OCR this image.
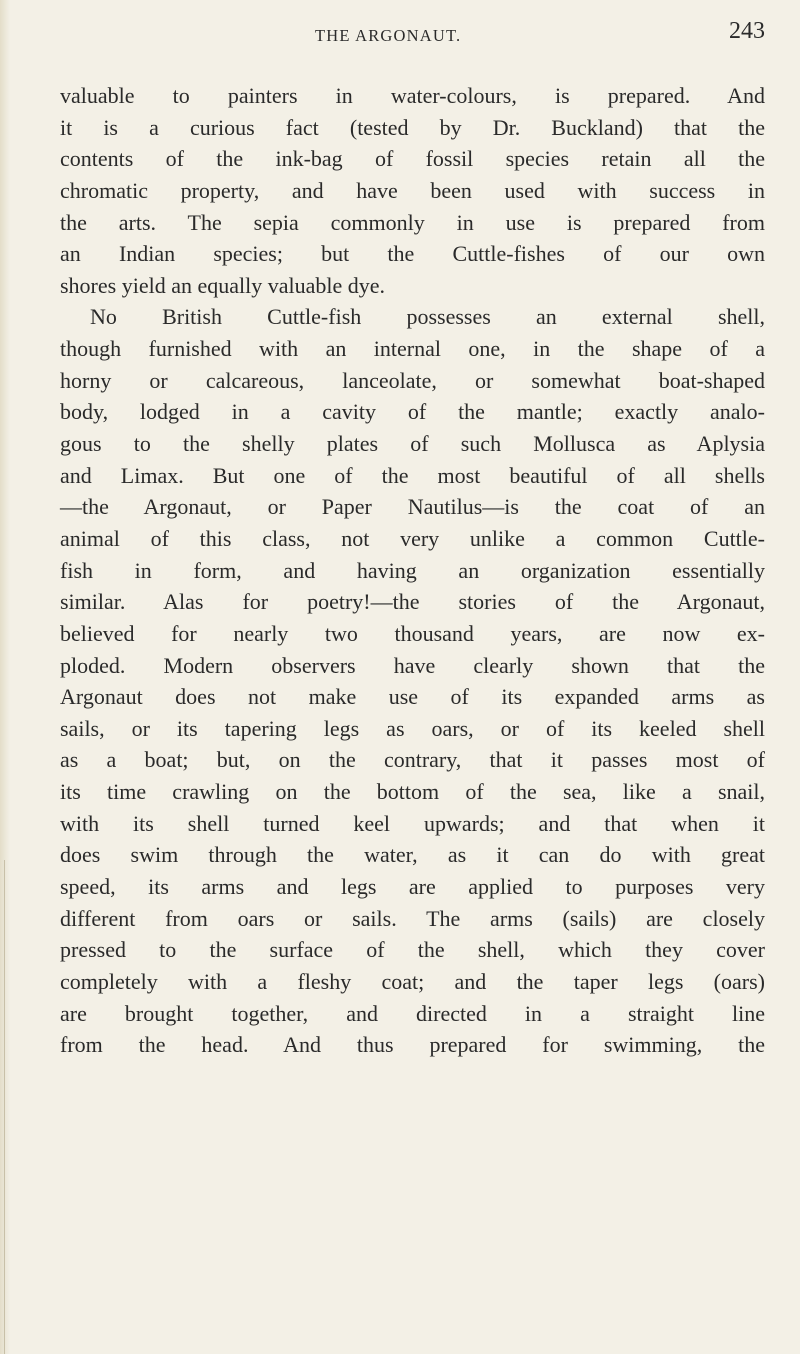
THE ARGONAUT.	243
valuable to painters in water-colours, is prepared. And
it is a curious fact (tested by Dr. Buckland) that the
contents of the ink-bag of fossil species retain all the
chromatic property, and have been used with success in
the arts. The sepia commonly in use is prepared from
an Indian species; but the Cuttle-fishes of our own
shores yield an equally valuable dye.
No British Cuttle-fish possesses an external shell,
though furnished with an internal one, in the shape of a
horny or calcareous, lanceolate, or somewhat boat-shaped
body, lodged in a cavity of the mantle; exactly analo-
gous to the shelly plates of such Mollusca as Aplysia
and Limax. But one of the most beautiful of all shells
—the Argonaut, or Paper Nautilus—is the coat of an
animal of this class, not very unlike a common Cuttle-
fish in form, and having an organization essentially
similar. Alas for poetry!—the stories of the Argonaut,
believed for nearly two thousand years, are now ex-
ploded. Modern observers have clearly shown that the
Argonaut does not make use of its expanded arms as
sails, or its tapering legs as oars, or of its keeled shell
as a boat; but, on the contrary, that it passes most of
its time crawling on the bottom of the sea, like a snail,
with its shell turned keel upwards; and that when it
does swim through the water, as it can do with great
speed, its arms and legs are applied to purposes very
different from oars or sails. The arms (sails) are closely
pressed to the surface of the shell, which they cover
completely with a fleshy coat; and the taper legs (oars)
are brought together, and directed in a straight line
from the head. And thus prepared for swimming, the
